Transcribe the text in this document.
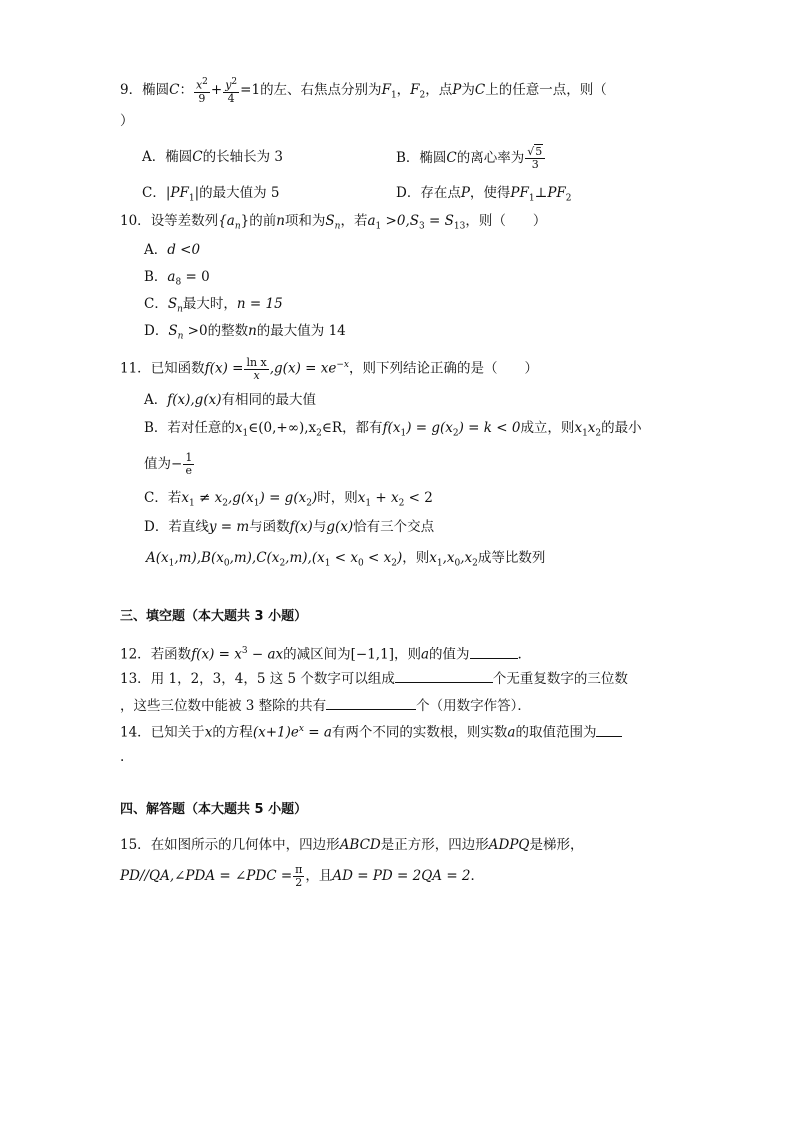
9．椭圆C： $\frac{x^2}{9} + \frac{y^2}{4} =1$的左、右焦点分别为$F_1$，$F_2$，点P为C上的任意一点，则（
）
A．椭圆C的长轴长为 3	B．椭圆C的离心率为 $\frac{√5}{3}$
C．$|PF_1|$的最大值为 5	D．存在点P，使得$PF_1\perp PF_2$
10．设等差数列$\{a_n\}$的前n项和为$S_n$，若$a_1 >0,S_3 = S_{13}$，则（　　）
A．d <0
B．$a_8 = 0$
C．$S_n$最大时，n = 15
D．$S_n >0$的整数n的最大值为 14
11．已知函数$f(x) = \frac{\text{ln x}}{x} ,g(x) = xe^{-x}$，则下列结论正确的是（　　）
A．f(x),g(x)有相同的最大值
B．若对任意的$x_1\in(0,+\infty),x_2\in R$，都有$f(x_1) = g(x_2) = k < 0$成立，则$x_1x_2$的最小
值为− $\frac{1}{e}$
C．若$x_1 \ne x_2,g(x_1) = g(x_2)$时，则$x_1 + x_2 < 2$
D．若直线y = m与函数f(x)与g(x)恰有三个交点
$A(x_1,m),B(x_0,m),C(x_2,m),(x_1 < x_0 < x_2)$，则$x_1,x_0,x_2$成等比数列
三、填空题（本大题共 3 小题）
12．若函数$f(x) = x^3$ − ax的减区间为[−1,1]，则a的值为	.
13．用 1，2，3，4，5 这 5 个数字可以组成	个无重复数字的三位数
，这些三位数中能被 3 整除的共有	个（用数字作答）．
14．已知关于x的方程$(x+1)e^x = a$有两个不同的实数根，则实数a的取值范围为
.
四、解答题（本大题共 5 小题）
15．在如图所示的几何体中，四边形ABCD是正方形，四边形ADPQ是梯形，
PD//QA,∠PDA = ∠PDC = $\frac{\pi}{2}$ ，且AD = PD = 2QA = 2．
